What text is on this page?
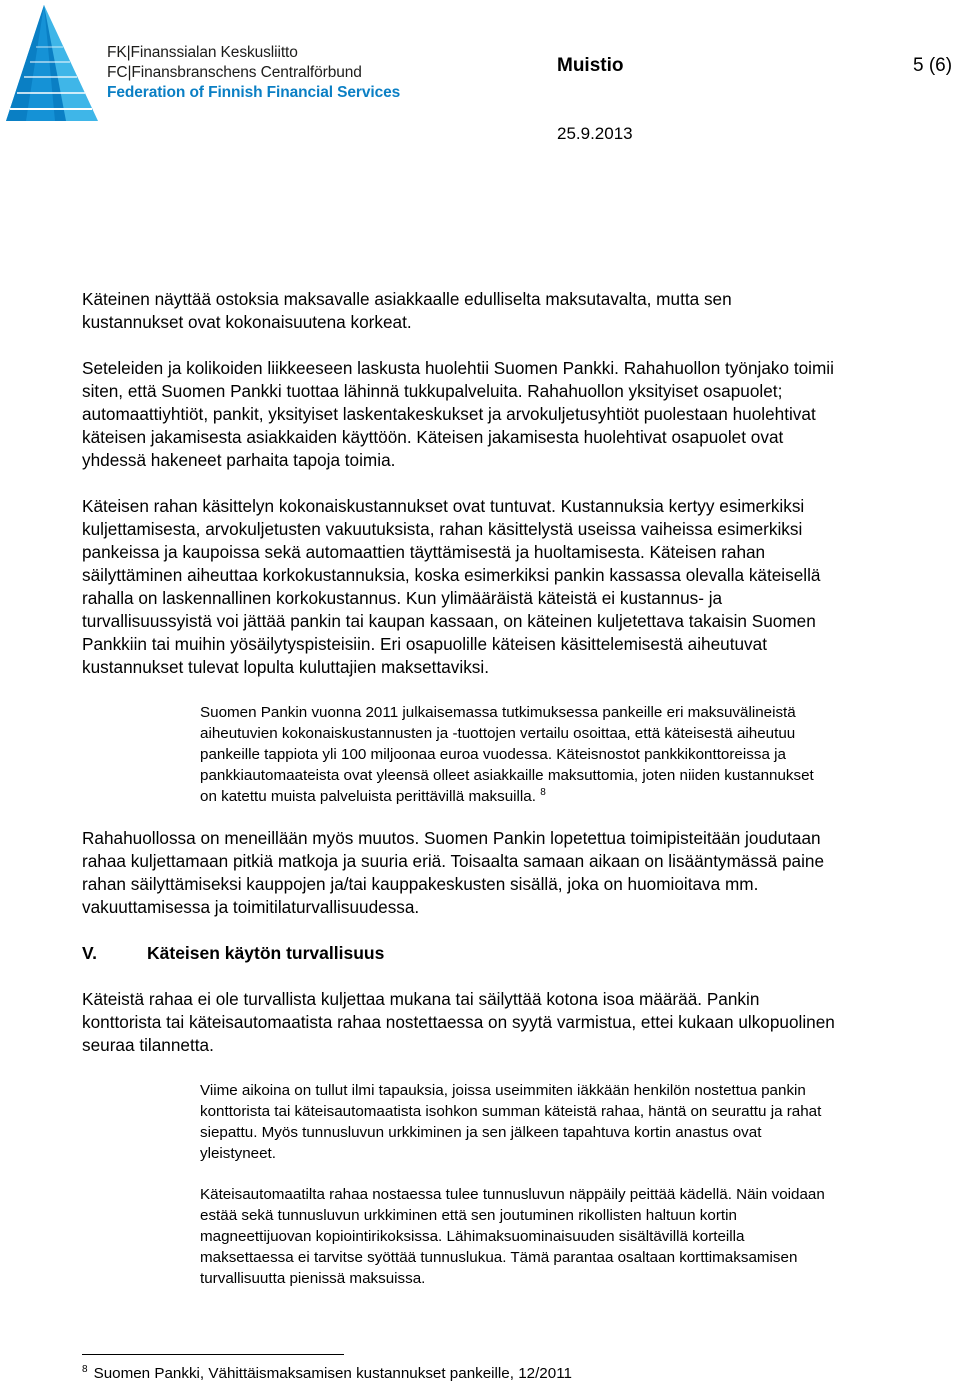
FK|Finanssialan Keskusliitto
FC|Finansbranschens Centralförbund
Federation of Finnish Financial Services
Muistio	5 (6)
25.9.2013

Käteinen näyttää ostoksia maksavalle asiakkaalle edulliselta maksutavalta, mutta sen

kustannukset ovat kokonaisuutena korkeat.

Seteleiden ja kolikoiden liikkeeseen laskusta huolehtii Suomen Pankki. Rahahuollon työnjako toimii

siten, että Suomen Pankki tuottaa lähinnä tukkupalveluita. Rahahuollon yksityiset osapuolet;

automaattiyhtiöt, pankit, yksityiset laskentakeskukset ja arvokuljetusyhtiöt puolestaan huolehtivat

käteisen jakamisesta asiakkaiden käyttöön. Käteisen jakamisesta huolehtivat osapuolet ovat

yhdessä hakeneet parhaita tapoja toimia.

Käteisen rahan käsittelyn kokonaiskustannukset ovat tuntuvat. Kustannuksia kertyy esimerkiksi

kuljettamisesta, arvokuljetusten vakuutuksista, rahan käsittelystä useissa vaiheissa esimerkiksi

pankeissa ja kaupoissa sekä automaattien täyttämisestä ja huoltamisesta. Käteisen rahan

säilyttäminen aiheuttaa korkokustannuksia, koska esimerkiksi pankin kassassa olevalla käteisellä

rahalla on laskennallinen korkokustannus. Kun ylimääräistä käteistä ei kustannus- ja

turvallisuussyistä voi jättää pankin tai kaupan kassaan, on käteinen kuljetettava takaisin Suomen

Pankkiin tai muihin yösäilytyspisteisiin. Eri osapuolille käteisen käsittelemisestä aiheutuvat

kustannukset tulevat lopulta kuluttajien maksettaviksi.

Suomen Pankin vuonna 2011 julkaisemassa tutkimuksessa pankeille eri maksuvälineistä

aiheutuvien kokonaiskustannusten ja -tuottojen vertailu osoittaa, että käteisestä aiheutuu

pankeille tappiota yli 100 miljoonaa euroa vuodessa. Käteisnostot pankkikonttoreissa ja

pankkiautomaateista ovat yleensä olleet asiakkaille maksuttomia, joten niiden kustannukset

on katettu muista palveluista perittävillä maksuilla. $^8$

Rahahuollossa on meneillään myös muutos. Suomen Pankin lopetettua toimipisteitään joudutaan

rahaa kuljettamaan pitkiä matkoja ja suuria eriä. Toisaalta samaan aikaan on lisääntymässä paine

rahan säilyttämiseksi kauppojen ja/tai kauppakeskusten sisällä, joka on huomioitava mm.

vakuuttamisessa ja toimitilaturvallisuudessa.

V.	Käteisen käytön turvallisuus

Käteistä rahaa ei ole turvallista kuljettaa mukana tai säilyttää kotona isoa määrää. Pankin

konttorista tai käteisautomaatista rahaa nostettaessa on syytä varmistua, ettei kukaan ulkopuolinen

seuraa tilannetta.

Viime aikoina on tullut ilmi tapauksia, joissa useimmiten iäkkään henkilön nostettua pankin

konttorista tai käteisautomaatista isohkon summan käteistä rahaa, häntä on seurattu ja rahat

siepattu. Myös tunnusluvun urkkiminen ja sen jälkeen tapahtuva kortin anastus ovat

yleistyneet.

Käteisautomaatilta rahaa nostaessa tulee tunnusluvun näppäily peittää kädellä. Näin voidaan

estää sekä tunnusluvun urkkiminen että sen joutuminen rikollisten haltuun kortin

magneettijuovan kopiointirikoksissa. Lähimaksuominaisuuden sisältävillä korteilla

maksettaessa ei tarvitse syöttää tunnuslukua. Tämä parantaa osaltaan korttimaksamisen

turvallisuutta pienissä maksuissa.

$^8$ Suomen Pankki, Vähittäismaksamisen kustannukset pankeille, 12/2011
